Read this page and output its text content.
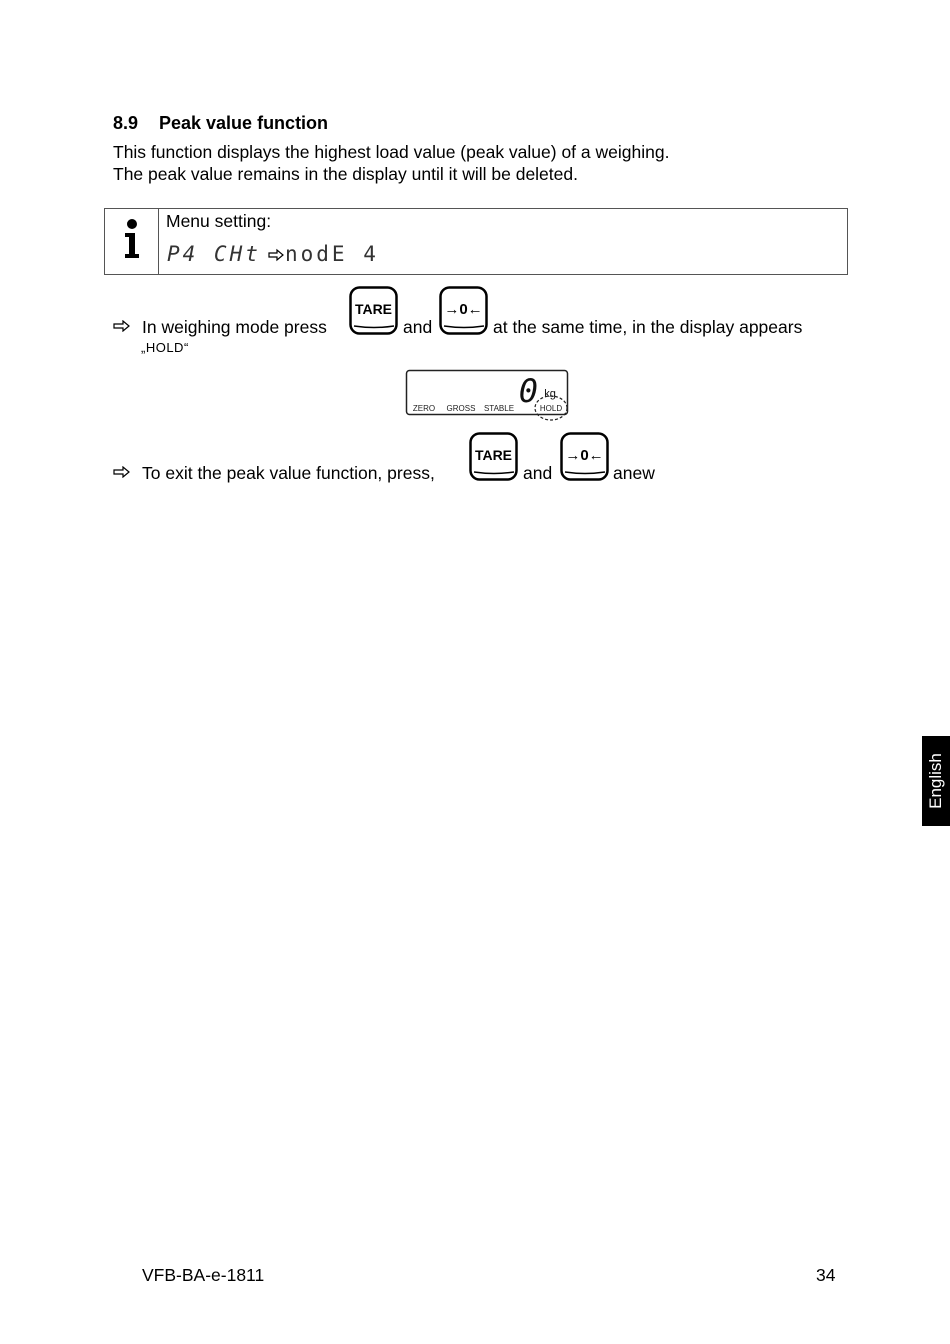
8.9 Peak value function
This function displays the highest load value (peak value) of a weighing.
The peak value remains in the display until it will be deleted.
Menu setting:
P4 CHt nodE 4
In weighing mode press	and	at the same time, in the display appears
TARE	→0←
„HOLD“
0 kg
ZERO GROSS STABLE	HOLD
To exit the peak value function, press,	and	anew
TARE	→0←
English
VFB-BA-e-1811	34
